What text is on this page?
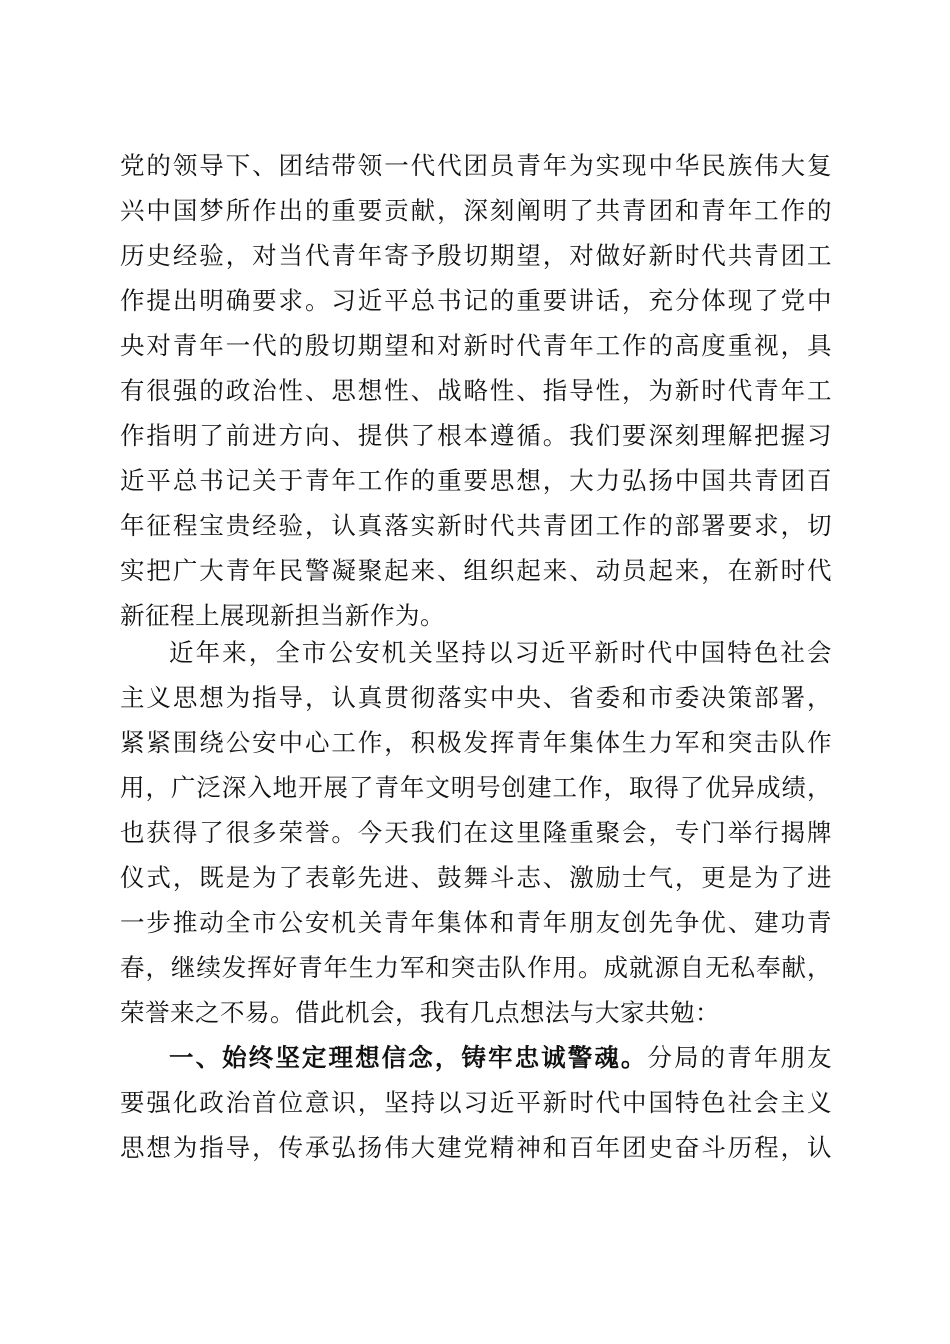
党的领导下、团结带领一代代团员青年为实现中华民族伟大复
兴中国梦所作出的重要贡献，深刻阐明了共青团和青年工作的
历史经验，对当代青年寄予殷切期望，对做好新时代共青团工
作提出明确要求。习近平总书记的重要讲话，充分体现了党中
央对青年一代的殷切期望和对新时代青年工作的高度重视，具
有很强的政治性、思想性、战略性、指导性，为新时代青年工
作指明了前进方向、提供了根本遵循。我们要深刻理解把握习
近平总书记关于青年工作的重要思想，大力弘扬中国共青团百
年征程宝贵经验，认真落实新时代共青团工作的部署要求，切
实把广大青年民警凝聚起来、组织起来、动员起来，在新时代
新征程上展现新担当新作为。
近年来，全市公安机关坚持以习近平新时代中国特色社会
主义思想为指导，认真贯彻落实中央、省委和市委决策部署，
紧紧围绕公安中心工作，积极发挥青年集体生力军和突击队作
用，广泛深入地开展了青年文明号创建工作，取得了优异成绩，
也获得了很多荣誉。今天我们在这里隆重聚会，专门举行揭牌
仪式，既是为了表彰先进、鼓舞斗志、激励士气，更是为了进
一步推动全市公安机关青年集体和青年朋友创先争优、建功青
春，继续发挥好青年生力军和突击队作用。成就源自无私奉献，
荣誉来之不易。借此机会，我有几点想法与大家共勉：
一、始终坚定理想信念，铸牢忠诚警魂。分局的青年朋友
要强化政治首位意识，坚持以习近平新时代中国特色社会主义
思想为指导，传承弘扬伟大建党精神和百年团史奋斗历程，认
